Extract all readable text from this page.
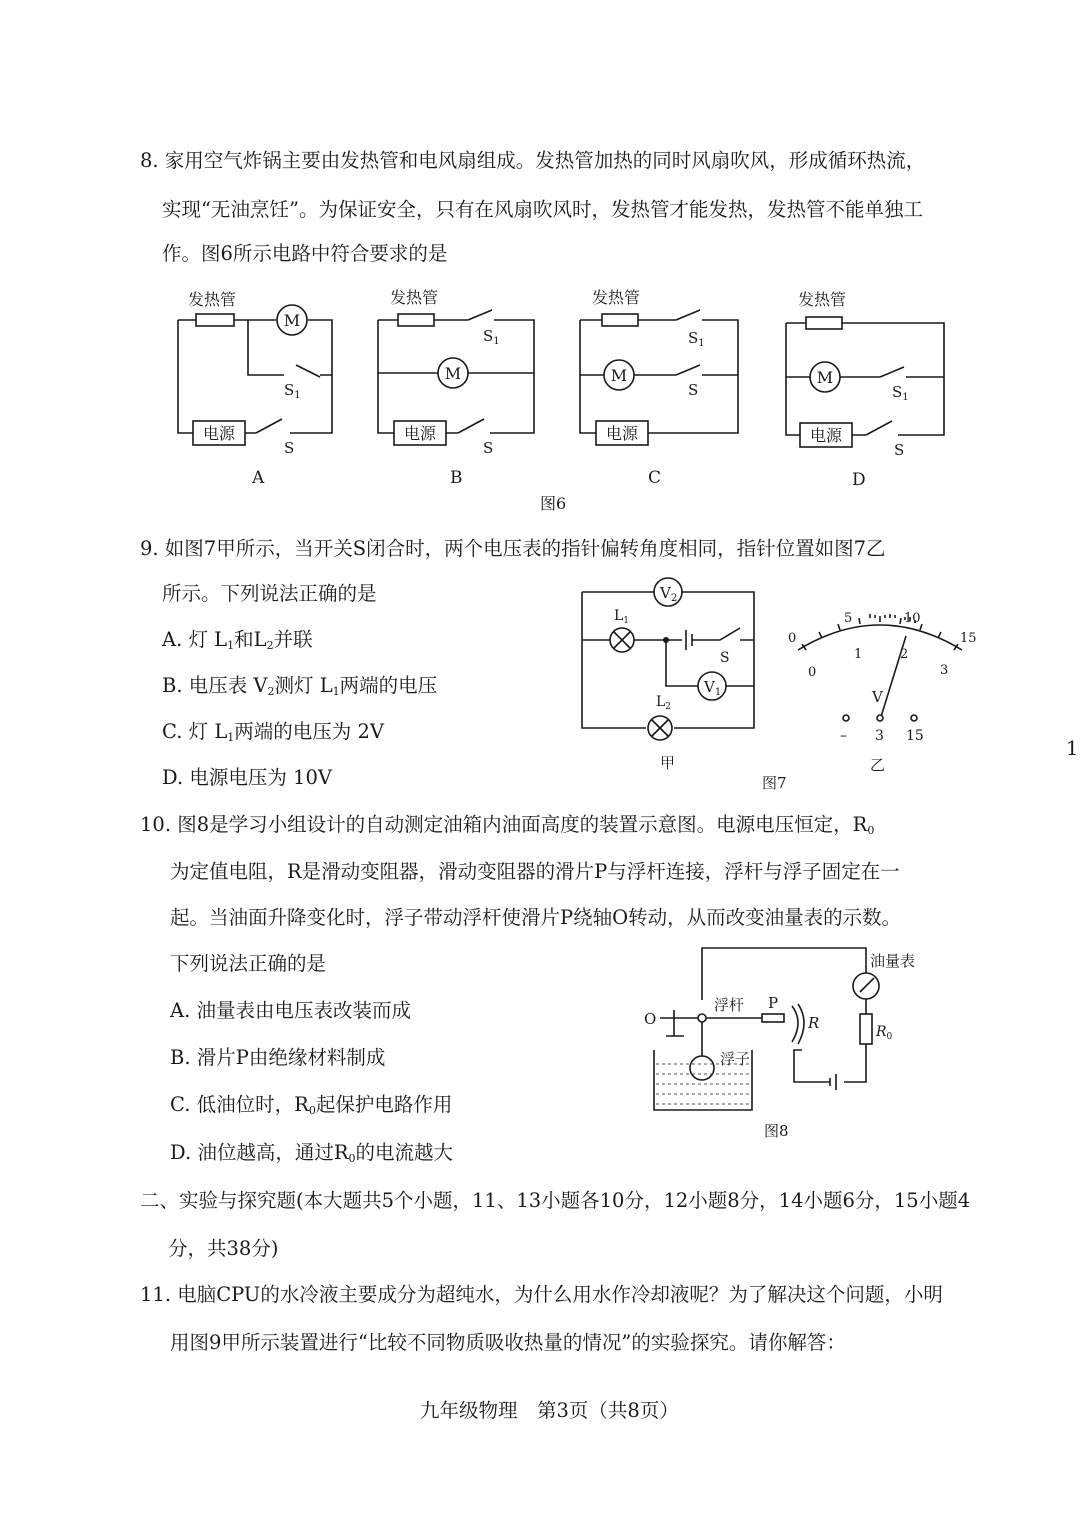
8. 家用空气炸锅主要由发热管和电风扇组成。发热管加热的同时风扇吹风，形成循环热流，
实现“无油烹饪”。为保证安全，只有在风扇吹风时，发热管才能发热，发热管不能单独工
作。图6所示电路中符合要求的是
发热管
M
$S_1$
电源
S
A
发热管
M
$S_1$
电源
S
B
发热管
M
$S_1$
S
电源
C
发热管
M
$S_1$
电源
S
D
图6
9. 如图7甲所示，当开关S闭合时，两个电压表的指针偏转角度相同，指针位置如图7乙
所示。下列说法正确的是
A. 灯 $L_1$和$L_2$并联
B. 电压表 $V_2$测灯 $L_1$两端的电压
C. 灯 $L_1$两端的电压为 2V
D. 电源电压为 10V
$V_2$
$L_1$
S
$V_1$
$L_2$
甲
图7
0
5	10
15
0
1	2
3
V
– 3 15
乙
1
10. 图8是学习小组设计的自动测定油箱内油面高度的装置示意图。电源电压恒定，$R_0$
为定值电阻，R是滑动变阻器，滑动变阻器的滑片P与浮杆连接，浮杆与浮子固定在一
起。当油面升降变化时，浮子带动浮杆使滑片P绕轴O转动，从而改变油量表的示数。
下列说法正确的是
A. 油量表由电压表改装而成
B. 滑片P由绝缘材料制成
C. 低油位时，$R_0$起保护电路作用
D. 油位越高，通过$R_0$的电流越大
油量表
$R_0$
O
浮杆 P
R
浮子
图8
二、实验与探究题(本大题共5个小题，11、13小题各10分，12小题8分，14小题6分，15小题4
分，共38分)
11. 电脑CPU的水冷液主要成分为超纯水，为什么用水作冷却液呢？为了解决这个问题，小明
用图9甲所示装置进行“比较不同物质吸收热量的情况”的实验探究。请你解答：
九年级物理　第3页（共8页）
